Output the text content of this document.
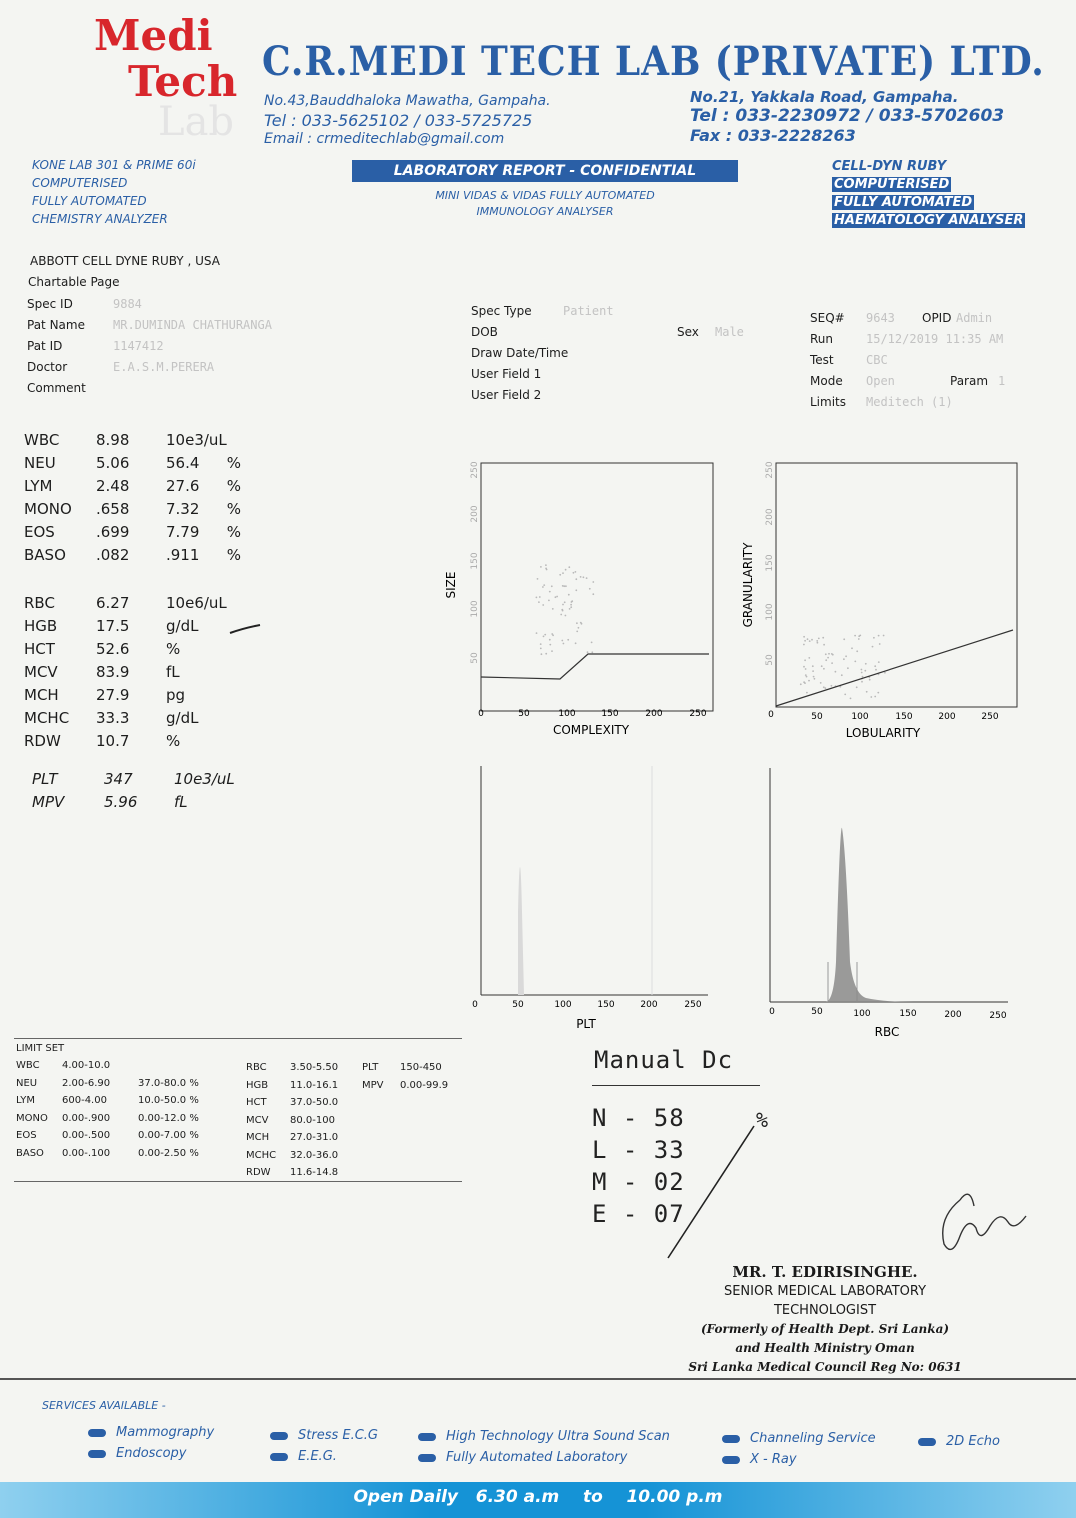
Medi
Tech
Lab
C.R.MEDI TECH LAB (PRIVATE) LTD.
No.43,Bauddhaloka Mawatha, Gampaha.
Tel : 033-5625102 / 033-5725725
Email : crmeditechlab@gmail.com
No.21, Yakkala Road, Gampaha.
Tel : 033-2230972 / 033-5702603
Fax : 033-2228263
KONE LAB 301 & PRIME 60i
COMPUTERISED
FULLY AUTOMATED
CHEMISTRY ANALYZER
LABORATORY REPORT - CONFIDENTIAL
MINI VIDAS & VIDAS FULLY AUTOMATED
IMMUNOLOGY ANALYSER
CELL-DYN RUBY
COMPUTERISED
FULLY AUTOMATED
HAEMATOLOGY ANALYSER
ABBOTT CELL DYNE RUBY , USA
Chartable Page
Spec ID	9884
Pat Name MR.DUMINDA CHATHURANGA
Pat ID	1147412
Doctor	E.A.S.M.PERERA
Comment
Spec Type	Patient
DOB	Sex Male
Draw Date/Time
User Field 1
User Field 2
SEQ# 9643 OPID Admin
Run	15/12/2019 11:35 AM
Test	CBC
Mode Open	Param 1
Limits Meditech (1)
WBC	8.98	10e3/uL	
NEU	5.06	56.4	%
LYM	2.48	27.6	%
MONO	.658	7.32	%
EOS	.699	7.79	%
BASO	.082	.911	%
RBC	6.27	10e6/uL
HGB	17.5	g/dL
HCT	52.6	%
MCV	83.9	fL
MCH	27.9	pg
MCHC	33.3	g/dL
RDW	10.7	%
PLT	347	10e3/uL
MPV	5.96	fL
0	50	100	150	200	250
50
100
150
200
250
COMPLEXITY
SIZE
0	50	100	150	200	250
50
100
150
200
250
LOBULARITY
GRANULARITY
0	50	100	150	200	250
PLT
0	50	100	150	200	250
RBC
LIMIT SET
WBC	4.00-10.0	
NEU	2.00-6.90	37.0-80.0 %
LYM	600-4.00	10.0-50.0 %
MONO	0.00-.900	0.00-12.0 %
EOS	0.00-.500	0.00-7.00 %
BASO	0.00-.100	0.00-2.50 %
RBC	3.50-5.50
HGB	11.0-16.1
HCT	37.0-50.0
MCV	80.0-100
MCH	27.0-31.0
MCHC	32.0-36.0
RDW	11.6-14.8
PLT	150-450
MPV	0.00-99.9
Manual Dc
N - 58
L - 33
M - 02
E - 07
%
MR. T. EDIRISINGHE.
SENIOR MEDICAL LABORATORY
TECHNOLOGIST
(Formerly of Health Dept. Sri Lanka)
and Health Ministry Oman
Sri Lanka Medical Council Reg No: 0631
SERVICES AVAILABLE -
Mammography
Endoscopy
Stress E.C.G
E.E.G.
High Technology Ultra Sound Scan
Fully Automated Laboratory
Channeling Service
X - Ray
2D Echo
Open Daily 6.30 a.m to 10.00 p.m
